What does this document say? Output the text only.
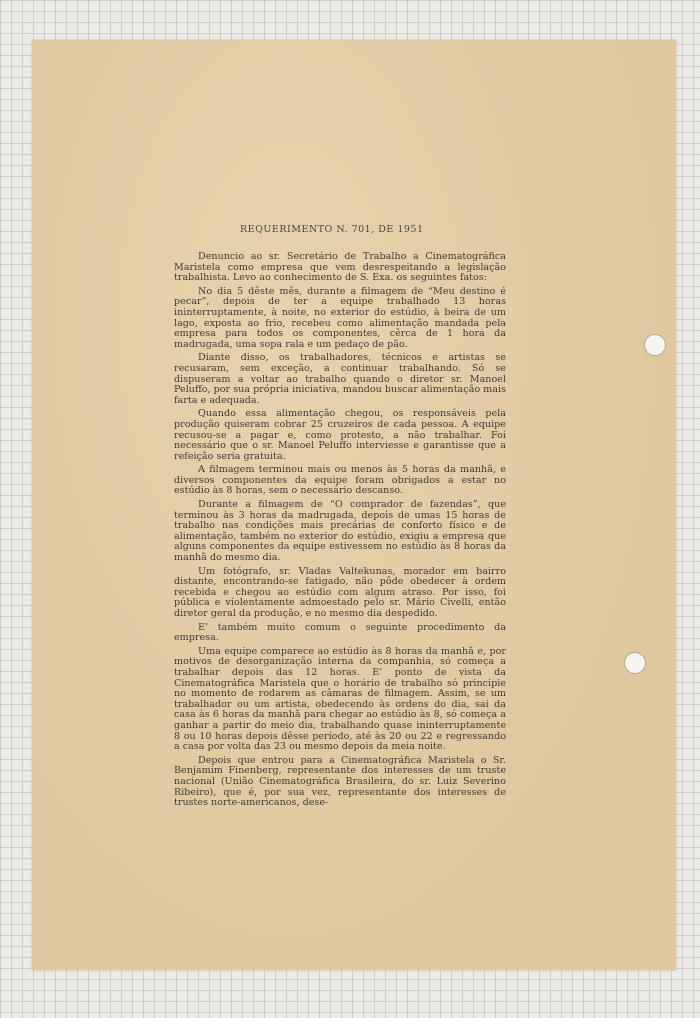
REQUERIMENTO N. 701, DE 1951

Denuncio ao sr. Secretário de Trabalho a Cinematográfica Maristela como empresa que vem desrespeitando a legislação trabalhista. Levo ao conhecimento de S. Exa. os seguintes fatos:

No dia 5 dêste mês, durante a filmagem de “Meu destino é pecar”, depois de ter a equipe trabalhado 13 horas ininterruptamente, à noite, no exterior do estúdio, à beira de um lago, exposta ao frio, recebeu como alimentação mandada pela empresa para todos os componentes, cêrca de 1 hora da madrugada, uma sopa rala e um pedaço de pão.

Diante disso, os trabalhadores, técnicos e artistas se recusaram, sem exceção, a continuar trabalhando. Só se dispuseram a voltar ao trabalho quando o diretor sr. Manoel Peluffo, por sua própria iniciativa, mandou buscar alimentação mais farta e adequada.

Quando essa alimentação chegou, os responsáveis pela produção quiseram cobrar 25 cruzeiros de cada pessoa. A equipe recusou-se a pagar e, como protesto, a não trabalhar. Foi necessário que o sr. Manoel Peluffo interviesse e garantisse que a refeição seria gratuita.

A filmagem terminou mais ou menos às 5 horas da manhã, e diversos componentes da equipe foram obrigados a estar no estúdio às 8 horas, sem o necessário descanso.

Durante a filmagem de “O comprador de fazendas”, que terminou às 3 horas da madrugada, depois de umas 15 horas de trabalho nas condições mais precárias de conforto físico e de alimentação, também no exterior do estúdio, exigiu a empresa que alguns componentes da equipe estivessem no estúdio às 8 horas da manhã do mesmo dia.

Um fotógrafo, sr. Vladas Valtekunas, morador em bairro distante, encontrando-se fatigado, não pôde obedecer à ordem recebida e chegou ao estúdio com algum atraso. Por isso, foi pública e violentamente admoestado pelo sr. Mário Civelli, então diretor geral da produção, e no mesmo dia despedido.

E’ também muito comum o seguinte procedimento da empresa.

Uma equipe comparece ao estúdio às 8 horas da manhã e, por motivos de desorganização interna da companhia, só começa a trabalhar depois das 12 horas. E’ ponto de vista da Cinematográfica Maristela que o horário de trabalho só principie no momento de rodarem as câmaras de filmagem. Assim, se um trabalhador ou um artista, obedecendo às ordens do dia, sai da casa às 6 horas da manhã para chegar ao estúdio às 8, só começa a ganhar a partir do meio dia, trabalhando quase ininterruptamente 8 ou 10 horas depois dêsse período, até às 20 ou 22 e regressando a casa por volta das 23 ou mesmo depois da meia noite.

Depois que entrou para a Cinematográfica Maristela o Sr. Benjamim Finenberg, representante dos interesses de um truste nacional (União Cinematográfica Brasileira, do sr. Luiz Severino Ribeiro), que é, por sua vez, representante dos interesses de trustes norte-americanos, dese-
